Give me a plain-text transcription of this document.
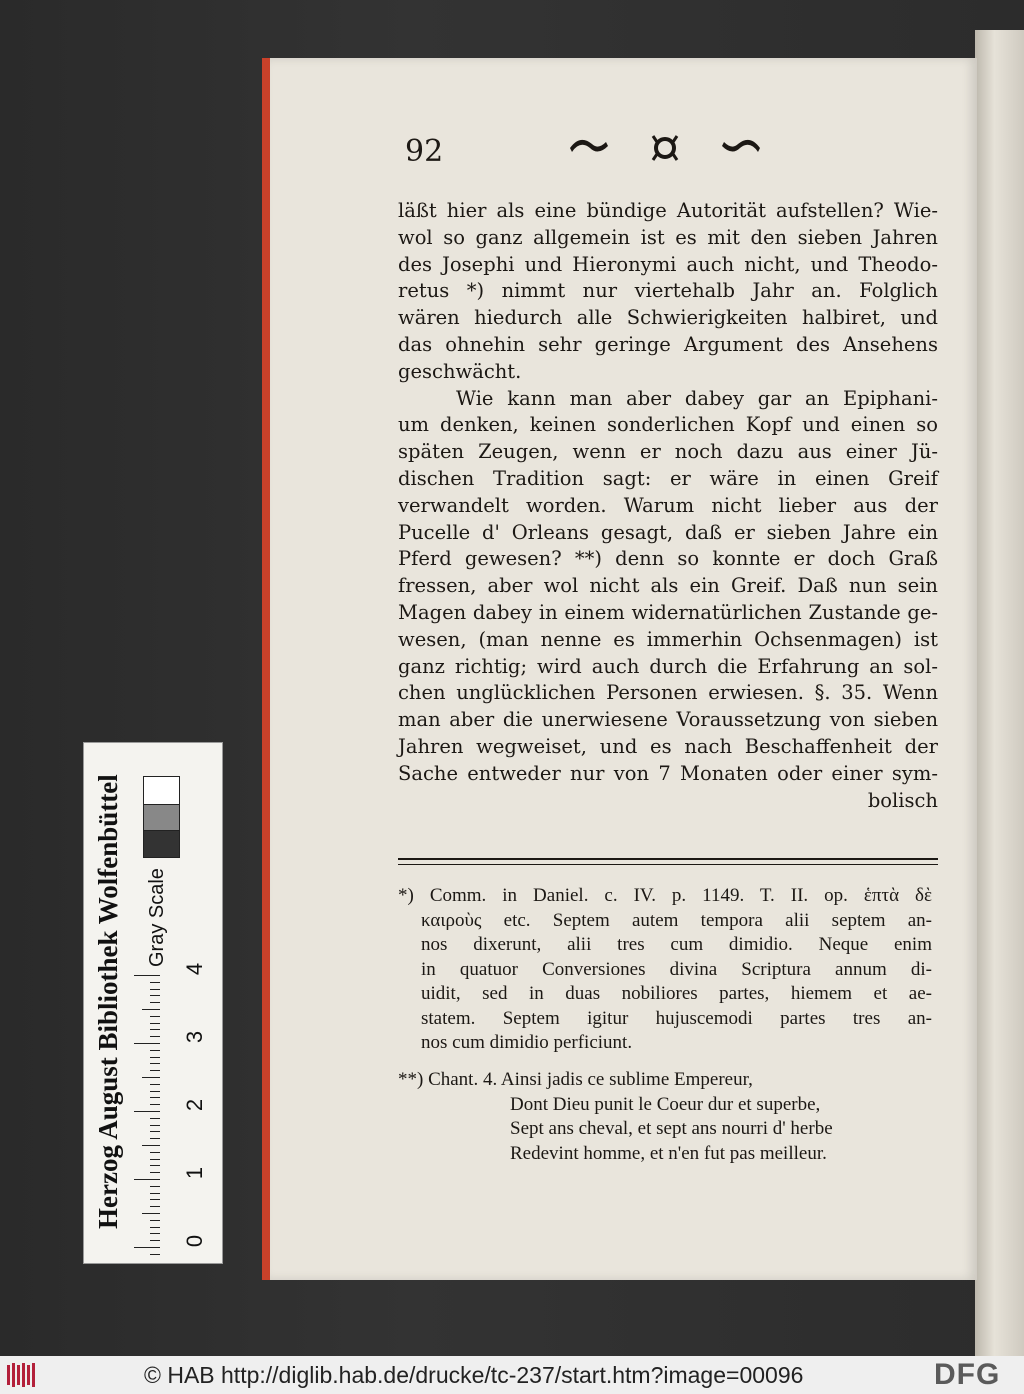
92
läßt hier als eine bündige Autorität aufstellen? Wie-
wol so ganz allgemein ist es mit den sieben Jahren
des Josephi und Hieronymi auch nicht, und Theodo-
retus *) nimmt nur viertehalb Jahr an. Folglich
wären hiedurch alle Schwierigkeiten halbiret, und
das ohnehin sehr geringe Argument des Ansehens
geschwächt.
Wie kann man aber dabey gar an Epiphani-
um denken, keinen sonderlichen Kopf und einen so
späten Zeugen, wenn er noch dazu aus einer Jü-
dischen Tradition sagt: er wäre in einen Greif
verwandelt worden. Warum nicht lieber aus der
Pucelle d' Orleans gesagt, daß er sieben Jahre ein
Pferd gewesen? **) denn so konnte er doch Graß
fressen, aber wol nicht als ein Greif. Daß nun sein
Magen dabey in einem widernatürlichen Zustande ge-
wesen, (man nenne es immerhin Ochsenmagen) ist
ganz richtig; wird auch durch die Erfahrung an sol-
chen unglücklichen Personen erwiesen. §. 35. Wenn
man aber die unerwiesene Voraussetzung von sieben
Jahren wegweiset, und es nach Beschaffenheit der
Sache entweder nur von 7 Monaten oder einer sym-
bolisch
*) Comm. in Daniel. c. IV. p. 1149. T. II. op. ἑπτὰ δὲ
καιροὺς etc. Septem autem tempora alii septem an-
nos dixerunt, alii tres cum dimidio. Neque enim
in quatuor Conversiones divina Scriptura annum di-
uidit, sed in duas nobiliores partes, hiemem et ae-
statem. Septem igitur hujuscemodi partes tres an-
nos cum dimidio perficiunt.
**) Chant. 4. Ainsi jadis ce sublime Empereur,
Dont Dieu punit le Coeur dur et superbe,
Sept ans cheval, et sept ans nourri d' herbe
Redevint homme, et n'en fut pas meilleur.
Herzog August Bibliothek Wolfenbüttel	Gray Scale
0
1
2
3
4
© HAB http://diglib.hab.de/drucke/tc-237/start.htm?image=00096	DFG
